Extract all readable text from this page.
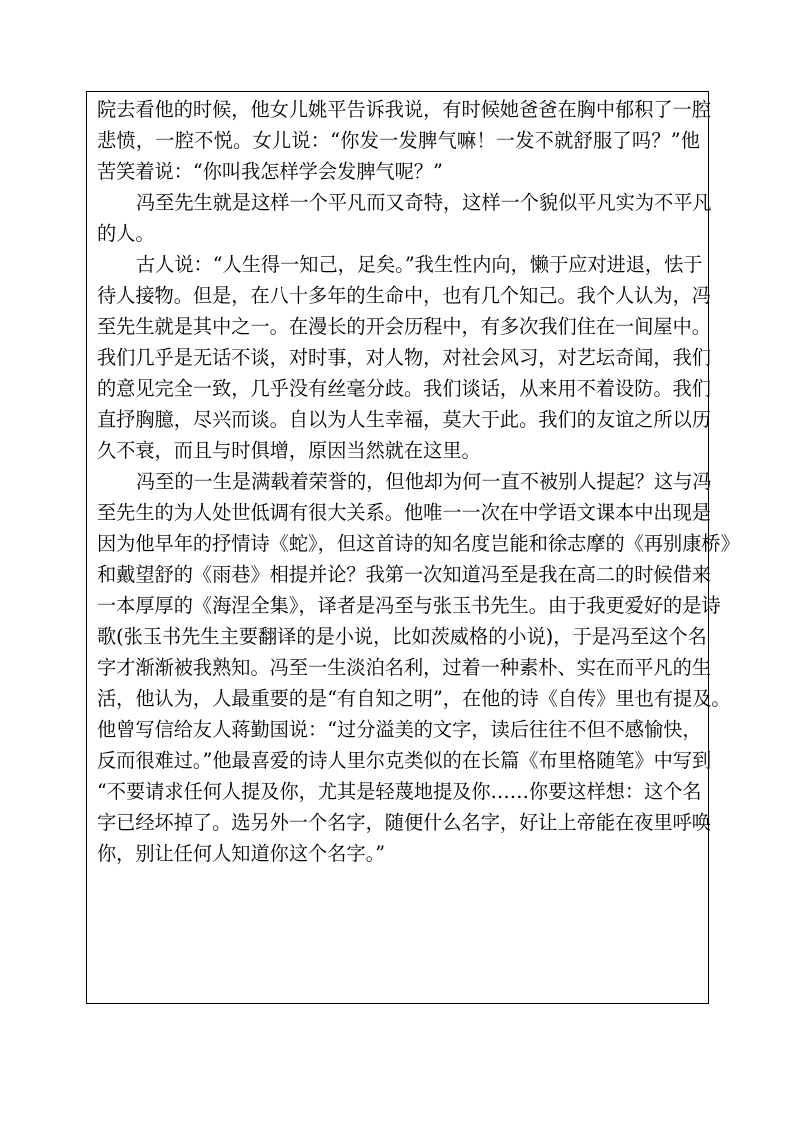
院去看他的时候，他女儿姚平告诉我说，有时候她爸爸在胸中郁积了一腔
悲愤，一腔不悦。女儿说：“你发一发脾气嘛！一发不就舒服了吗？”他
苦笑着说：“你叫我怎样学会发脾气呢？”
冯至先生就是这样一个平凡而又奇特，这样一个貌似平凡实为不平凡
的人。
古人说：“人生得一知己，足矣。”我生性内向，懒于应对进退，怯于
待人接物。但是，在八十多年的生命中，也有几个知己。我个人认为，冯
至先生就是其中之一。在漫长的开会历程中，有多次我们住在一间屋中。
我们几乎是无话不谈，对时事，对人物，对社会风习，对艺坛奇闻，我们
的意见完全一致，几乎没有丝毫分歧。我们谈话，从来用不着设防。我们
直抒胸臆，尽兴而谈。自以为人生幸福，莫大于此。我们的友谊之所以历
久不衰，而且与时俱增，原因当然就在这里。
冯至的一生是满载着荣誉的，但他却为何一直不被别人提起？这与冯
至先生的为人处世低调有很大关系。他唯一一次在中学语文课本中出现是
因为他早年的抒情诗《蛇》，但这首诗的知名度岂能和徐志摩的《再别康桥》
和戴望舒的《雨巷》相提并论？我第一次知道冯至是我在高二的时候借来
一本厚厚的《海涅全集》，译者是冯至与张玉书先生。由于我更爱好的是诗
歌(张玉书先生主要翻译的是小说，比如茨威格的小说)，于是冯至这个名
字才渐渐被我熟知。冯至一生淡泊名利，过着一种素朴、实在而平凡的生
活，他认为，人最重要的是“有自知之明”，在他的诗《自传》里也有提及。
他曾写信给友人蒋勤国说：“过分溢美的文字，读后往往不但不感愉快，
反而很难过。”他最喜爱的诗人里尔克类似的在长篇《布里格随笔》中写到
“不要请求任何人提及你，尤其是轻蔑地提及你……你要这样想：这个名
字已经坏掉了。选另外一个名字，随便什么名字，好让上帝能在夜里呼唤
你，别让任何人知道你这个名字。”
